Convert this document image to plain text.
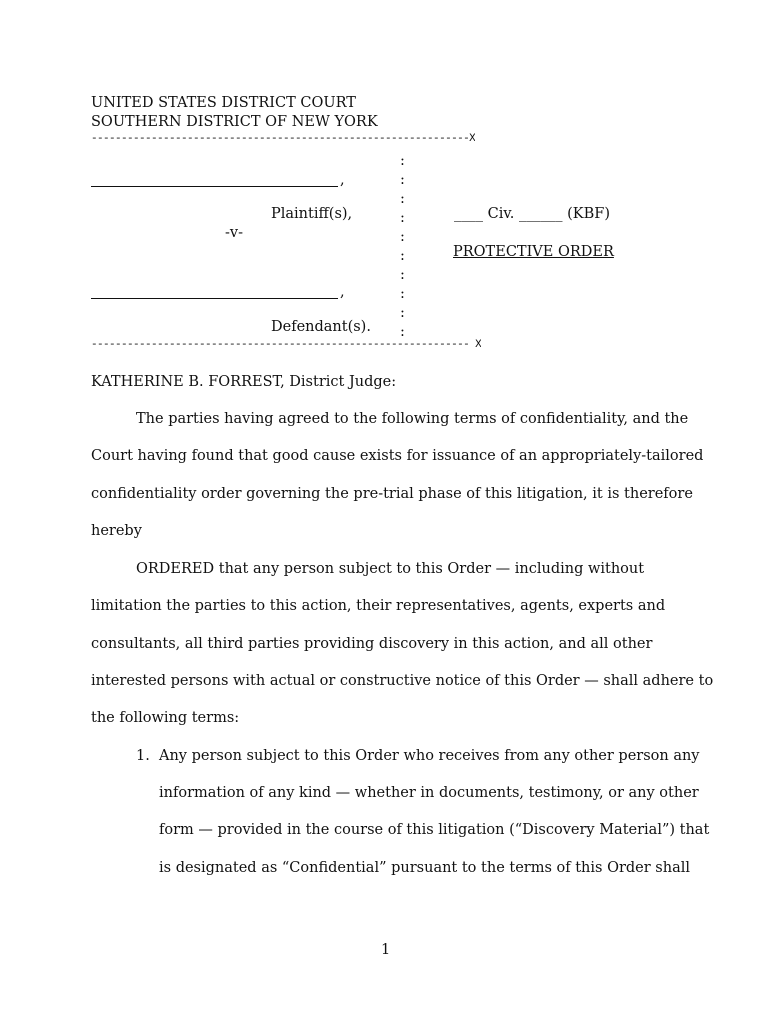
UNITED STATES DISTRICT COURT
SOUTHERN DISTRICT OF NEW YORK
---------------------------------------------------------------X
:
:
:
:
:
:
:
:
:
:
,
Plaintiff(s),
-v-
____ Civ. ______ (KBF)
PROTECTIVE ORDER
,
Defendant(s).
--------------------------------------------------------------- X
KATHERINE B. FORREST, District Judge:
The parties having agreed to the following terms of confidentiality, and the
Court having found that good cause exists for issuance of an appropriately-tailored
confidentiality order governing the pre-trial phase of this litigation, it is therefore
hereby
ORDERED that any person subject to this Order — including without
limitation the parties to this action, their representatives, agents, experts and
consultants, all third parties providing discovery in this action, and all other
interested persons with actual or constructive notice of this Order — shall adhere to
the following terms:
1. Any person subject to this Order who receives from any other person any
information of any kind — whether in documents, testimony, or any other
form — provided in the course of this litigation (“Discovery Material”) that
is designated as “Confidential” pursuant to the terms of this Order shall
1
